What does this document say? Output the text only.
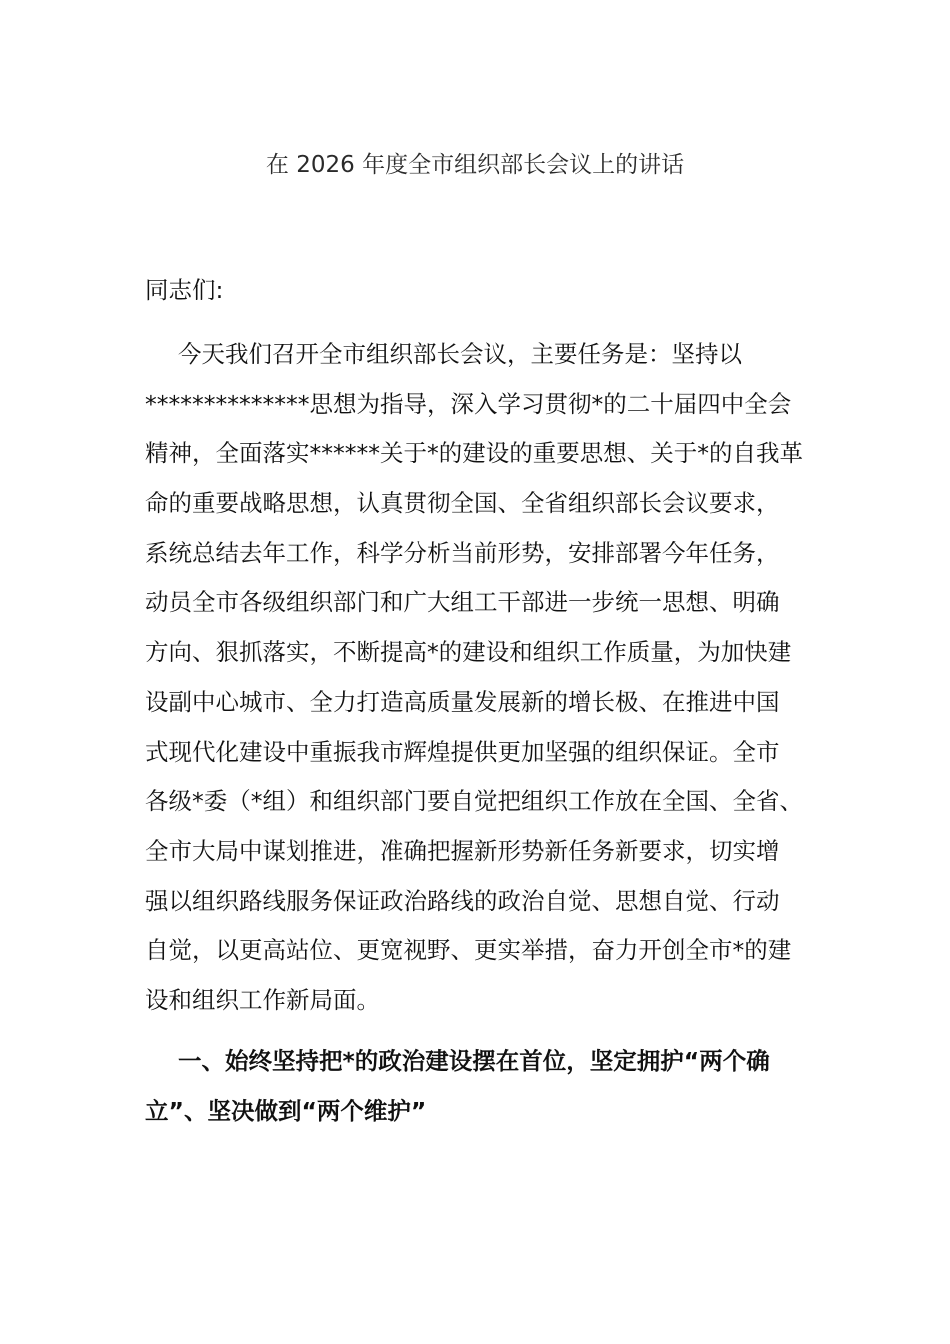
在 2026 年度全市组织部长会议上的讲话

同志们:

今天我们召开全市组织部长会议，主要任务是：坚持以
**************思想为指导，深入学习贯彻*的二十届四中全会
精神，全面落实******关于*的建设的重要思想、关于*的自我革
命的重要战略思想，认真贯彻全国、全省组织部长会议要求，
系统总结去年工作，科学分析当前形势，安排部署今年任务，
动员全市各级组织部门和广大组工干部进一步统一思想、明确
方向、狠抓落实，不断提高*的建设和组织工作质量，为加快建
设副中心城市、全力打造高质量发展新的增长极、在推进中国
式现代化建设中重振我市辉煌提供更加坚强的组织保证。全市
各级*委（*组）和组织部门要自觉把组织工作放在全国、全省、
全市大局中谋划推进，准确把握新形势新任务新要求，切实增
强以组织路线服务保证政治路线的政治自觉、思想自觉、行动
自觉，以更高站位、更宽视野、更实举措，奋力开创全市*的建
设和组织工作新局面。
一、始终坚持把*的政治建设摆在首位，坚定拥护“两个确
立”、坚决做到“两个维护”
